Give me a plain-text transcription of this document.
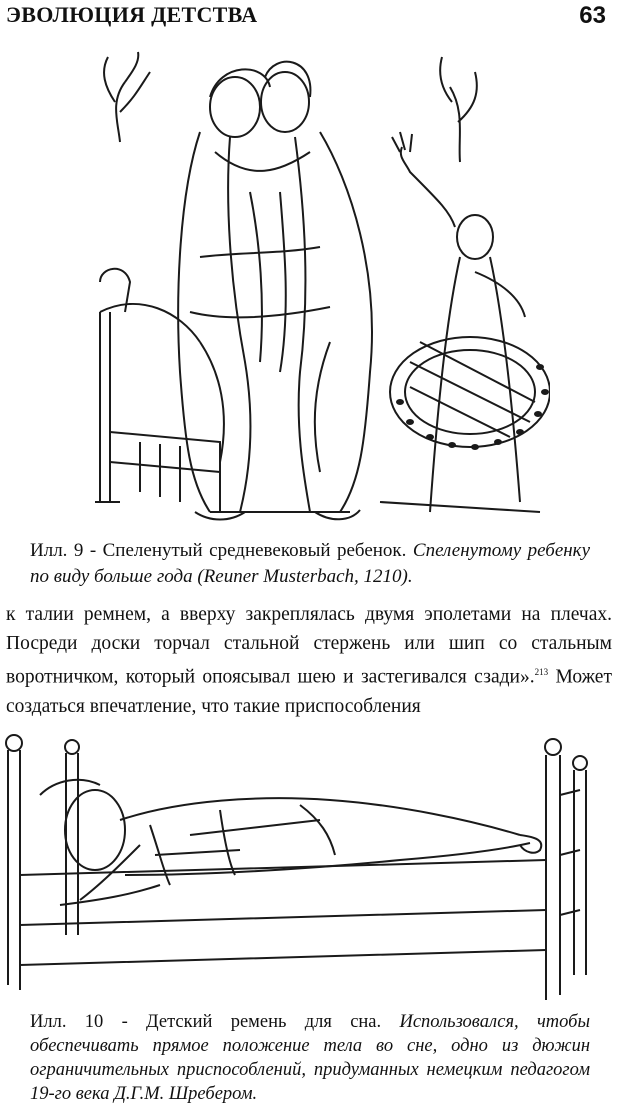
ЭВОЛЮЦИЯ ДЕТСТВА	63
Илл. 9 - Спеленутый средневековый ребенок. Спеленутому ребенку по виду больше года (Reuner Musterbach, 1210).
к талии ремнем, а вверху закреплялась двумя эполетами на плечах. Посреди доски торчал стальной стержень или шип со стальным воротничком, который опоясывал шею и застегивался сзади».$^{213}$ Может создаться впечатление, что такие приспособления
Илл. 10 - Детский ремень для сна. Использовался, чтобы обеспечивать прямое положение тела во сне, одно из дюжин ограничительных приспособлений, придуманных немецким педагогом 19-го века Д.Г.М. Шребером.
